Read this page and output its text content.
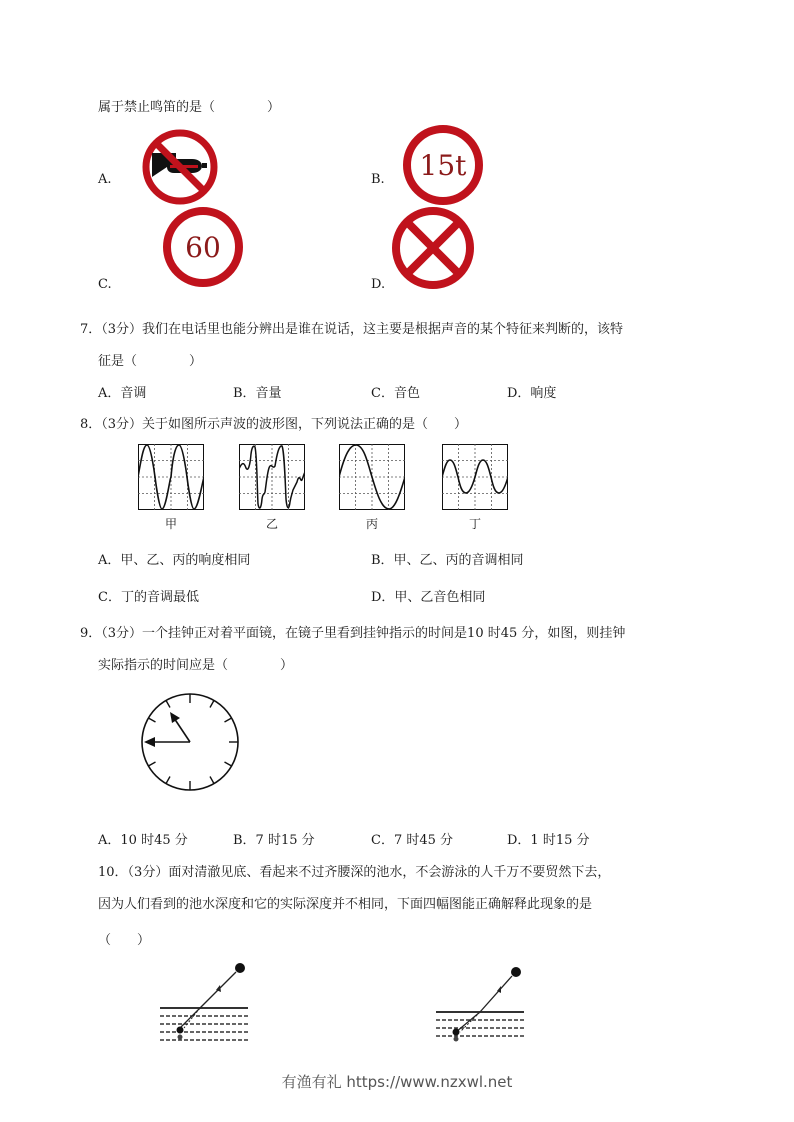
属于禁止鸣笛的是（　　　　）
A.	B. 15t
C.
60
D.
7．（3分）我们在电话里也能分辨出是谁在说话，这主要是根据声音的某个特征来判断的，该特
征是（　　　　）
A．音调	B．音量	C．音色	D．响度
8．（3分）关于如图所示声波的波形图，下列说法正确的是（　　）
甲	乙	丙	丁
A．甲、乙、丙的响度相同	B．甲、乙、丙的音调相同
C．丁的音调最低	D．甲、乙音色相同
9．（3分）一个挂钟正对着平面镜，在镜子里看到挂钟指示的时间是10 时45 分，如图，则挂钟
实际指示的时间应是（　　　　）
A．10 时45 分	B．7 时15 分	C．7 时45 分	D．1 时15 分
10．（3分）面对清澈见底、看起来不过齐腰深的池水，不会游泳的人千万不要贸然下去，
因为人们看到的池水深度和它的实际深度并不相同，下面四幅图能正确解释此现象的是
（　　）
有渔有礼 https://www.nzxwl.net
